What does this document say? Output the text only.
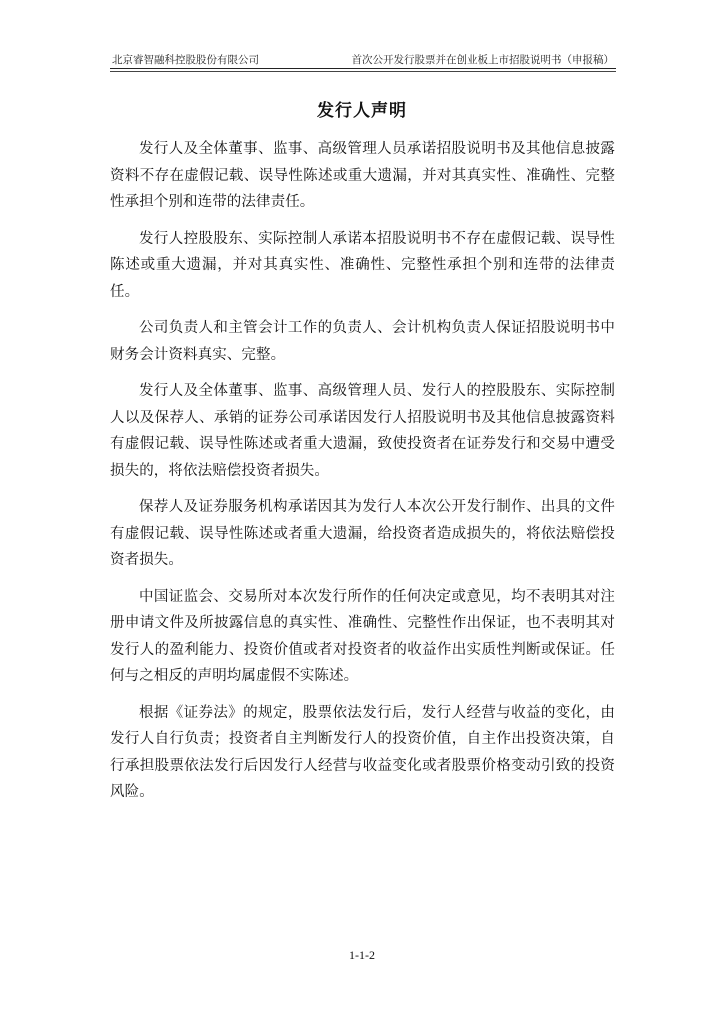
北京睿智融科控股股份有限公司	首次公开发行股票并在创业板上市招股说明书（申报稿）
发行人声明

发行人及全体董事、监事、高级管理人员承诺招股说明书及其他信息披露资料不存在虚假记载、误导性陈述或重大遗漏，并对其真实性、准确性、完整性承担个别和连带的法律责任。

发行人控股股东、实际控制人承诺本招股说明书不存在虚假记载、误导性陈述或重大遗漏，并对其真实性、准确性、完整性承担个别和连带的法律责任。

公司负责人和主管会计工作的负责人、会计机构负责人保证招股说明书中财务会计资料真实、完整。

发行人及全体董事、监事、高级管理人员、发行人的控股股东、实际控制人以及保荐人、承销的证券公司承诺因发行人招股说明书及其他信息披露资料有虚假记载、误导性陈述或者重大遗漏，致使投资者在证券发行和交易中遭受损失的，将依法赔偿投资者损失。

保荐人及证券服务机构承诺因其为发行人本次公开发行制作、出具的文件有虚假记载、误导性陈述或者重大遗漏，给投资者造成损失的，将依法赔偿投资者损失。

中国证监会、交易所对本次发行所作的任何决定或意见，均不表明其对注册申请文件及所披露信息的真实性、准确性、完整性作出保证，也不表明其对发行人的盈利能力、投资价值或者对投资者的收益作出实质性判断或保证。任何与之相反的声明均属虚假不实陈述。

根据《证券法》的规定，股票依法发行后，发行人经营与收益的变化，由发行人自行负责；投资者自主判断发行人的投资价值，自主作出投资决策，自行承担股票依法发行后因发行人经营与收益变化或者股票价格变动引致的投资风险。

1-1-2
